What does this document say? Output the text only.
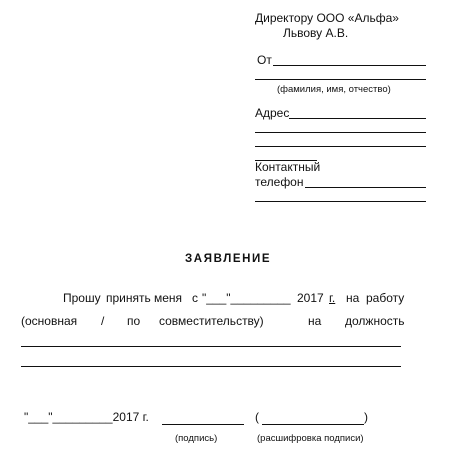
Директору ООО «Альфа»
Львову А.В.
От
(фамилия, имя, отчество)
Адрес
Контактный
телефон
ЗАЯВЛЕНИЕ
Прошу принять меня с "___"_________ 2017 г. на работу
(основная / по совместительству)	на должность
"___"_________2017 г.	(	)
(подпись)	(расшифровка подписи)
